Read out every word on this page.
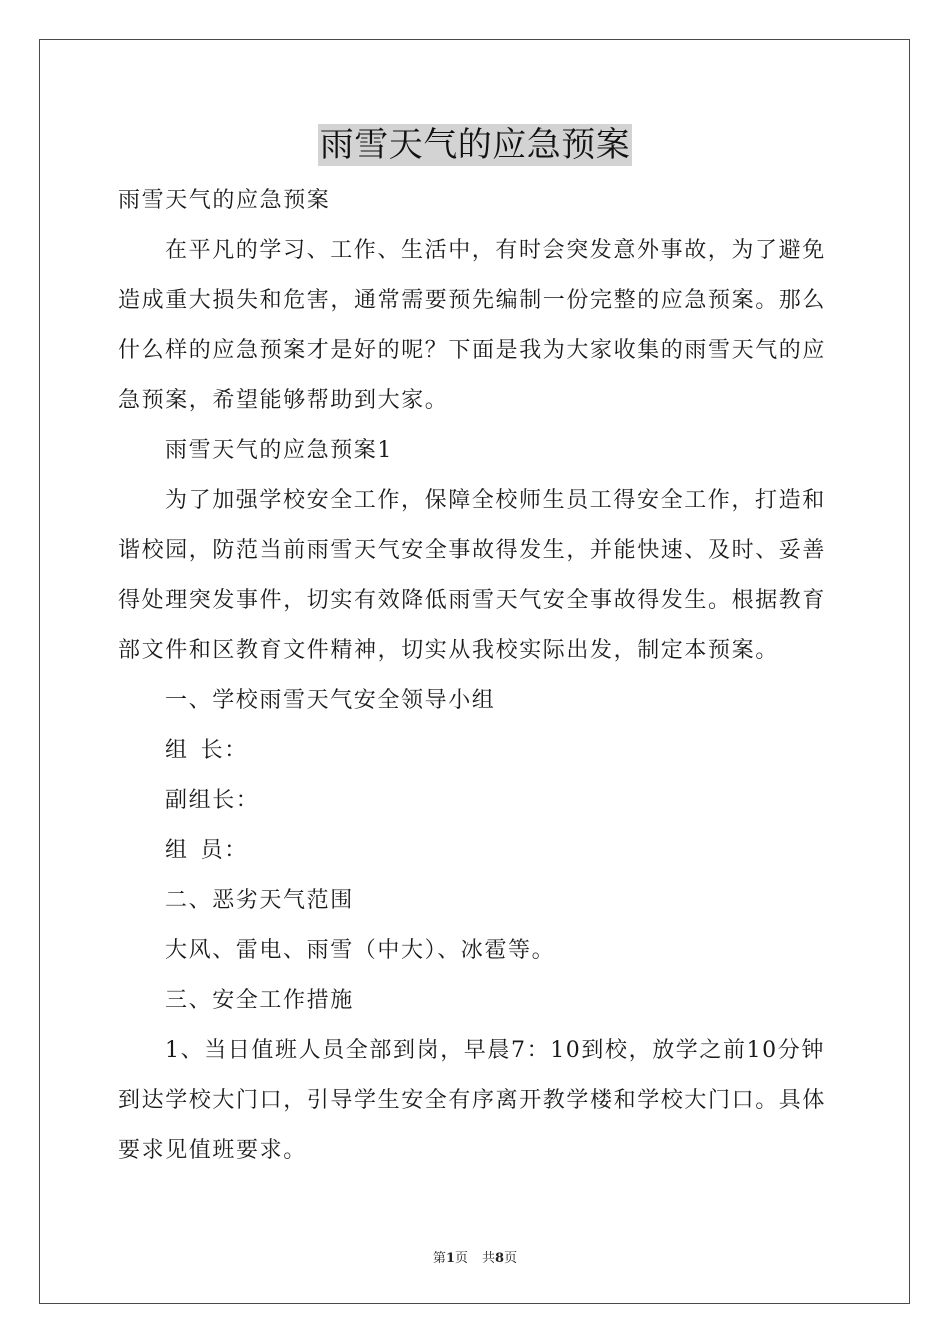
雨雪天气的应急预案

雨雪天气的应急预案

在平凡的学习、工作、生活中，有时会突发意外事故，为了避免造成重大损失和危害，通常需要预先编制一份完整的应急预案。那么什么样的应急预案才是好的呢？下面是我为大家收集的雨雪天气的应急预案，希望能够帮助到大家。

雨雪天气的应急预案1

为了加强学校安全工作，保障全校师生员工得安全工作，打造和谐校园，防范当前雨雪天气安全事故得发生，并能快速、及时、妥善得处理突发事件，切实有效降低雨雪天气安全事故得发生。根据教育部文件和区教育文件精神，切实从我校实际出发，制定本预案。

一、学校雨雪天气安全领导小组

组 长：

副组长：

组 员：

二、恶劣天气范围

大风、雷电、雨雪（中大）、冰雹等。

三、安全工作措施

1、当日值班人员全部到岗，早晨7：10到校，放学之前10分钟到达学校大门口，引导学生安全有序离开教学楼和学校大门口。具体要求见值班要求。

第1页 共8页
